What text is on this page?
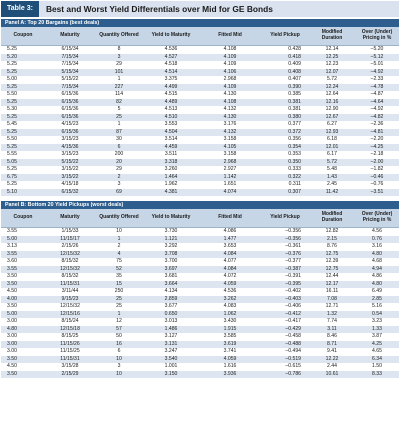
Table 3:	Best and Worst Yield Differentials over Mid for GE Bonds
Panel A: Top 20 Bargains (best deals)
Coupon	Maturity	Quantity Offered	Yield to Maturity	Fitted Mid	Yield Pickup	Modified Duration	Over (Under) Pricing in %
5.25	6/15/34	8	4.536	4.108	0.428	12.14	–5.20
5.20	7/15/34	3	4.527	4.109	0.418	12.25	–5.12
5.25	7/15/34	29	4.518	4.109	0.409	12.23	–5.01
5.25	5/15/34	101	4.514	4.106	0.408	12.07	–4.92
5.00	5/15/22	1	3.375	2.968	0.407	5.72	–2.33
5.25	7/15/34	227	4.499	4.109	0.390	12.24	–4.78
5.50	6/15/36	114	4.515	4.130	0.385	12.64	–4.87
5.25	6/15/36	82	4.489	4.108	0.381	12.16	–4.64
5.30	6/15/36	5	4.513	4.132	0.381	12.90	–4.92
5.25	6/15/36	25	4.510	4.130	0.380	12.67	–4.82
5.45	4/15/23	1	3.553	3.176	0.377	6.27	–2.36
5.25	6/15/36	87	4.504	4.132	0.372	12.93	–4.81
5.50	3/15/23	30	3.514	3.158	0.356	6.18	–2.20
5.25	4/15/36	6	4.459	4.105	0.354	12.01	–4.25
5.55	3/15/23	200	3.511	3.158	0.353	6.17	–2.18
5.05	5/15/22	20	3.318	2.968	0.350	5.72	–2.00
5.25	3/15/22	29	3.260	2.927	0.333	5.48	–1.82
6.75	3/15/22	2	1.464	1.142	0.322	1.43	–0.46
5.25	4/15/18	3	1.962	1.651	0.311	2.45	–0.76
5.10	6/15/32	69	4.381	4.074	0.307	11.42	–3.51
Panel B: Bottom 20 Yield Pickups (worst deals)
Coupon	Maturity	Quantity Offered	Yield to Maturity	Fitted Mid	Yield Pickup	Modified Duration	Over (Under) Pricing in %
3.55	1/15/33	10	3.730	4.086	–0.356	12.82	4.56
5.00	11/15/17	1	1.121	1.477	–0.356	2.15	0.76
3.13	2/15/26	2	3.292	3.653	–0.361	8.76	3.16
3.55	12/15/32	4	3.708	4.084	–0.376	12.75	4.80
3.60	8/15/32	75	3.700	4.077	–0.377	12.39	4.68
3.55	12/15/32	52	3.697	4.084	–0.387	12.75	4.94
3.50	8/15/32	35	3.681	4.072	–0.391	12.44	4.86
3.50	11/15/31	15	3.664	4.059	–0.395	12.17	4.80
4.50	3/11/44	250	4.134	4.536	–0.402	16.11	6.49
4.00	9/15/23	25	2.859	3.262	–0.403	7.08	2.85
3.50	12/15/32	25	3.677	4.083	–0.406	12.71	5.16
5.00	12/15/16	1	0.650	1.062	–0.412	1.32	0.54
3.00	8/15/24	12	3.013	3.430	–0.417	7.74	3.23
4.80	12/15/18	57	1.486	1.915	–0.429	3.11	1.33
3.00	8/15/25	50	3.127	3.585	–0.458	8.46	3.87
3.00	11/15/26	16	3.131	3.619	–0.488	8.71	4.25
3.00	11/15/25	6	3.247	3.741	–0.494	9.41	4.65
3.50	11/15/31	10	3.540	4.059	–0.519	12.22	6.34
4.50	3/15/28	3	1.001	1.616	–0.615	2.44	1.50
3.50	2/15/29	10	3.150	3.936	–0.786	10.61	8.33
